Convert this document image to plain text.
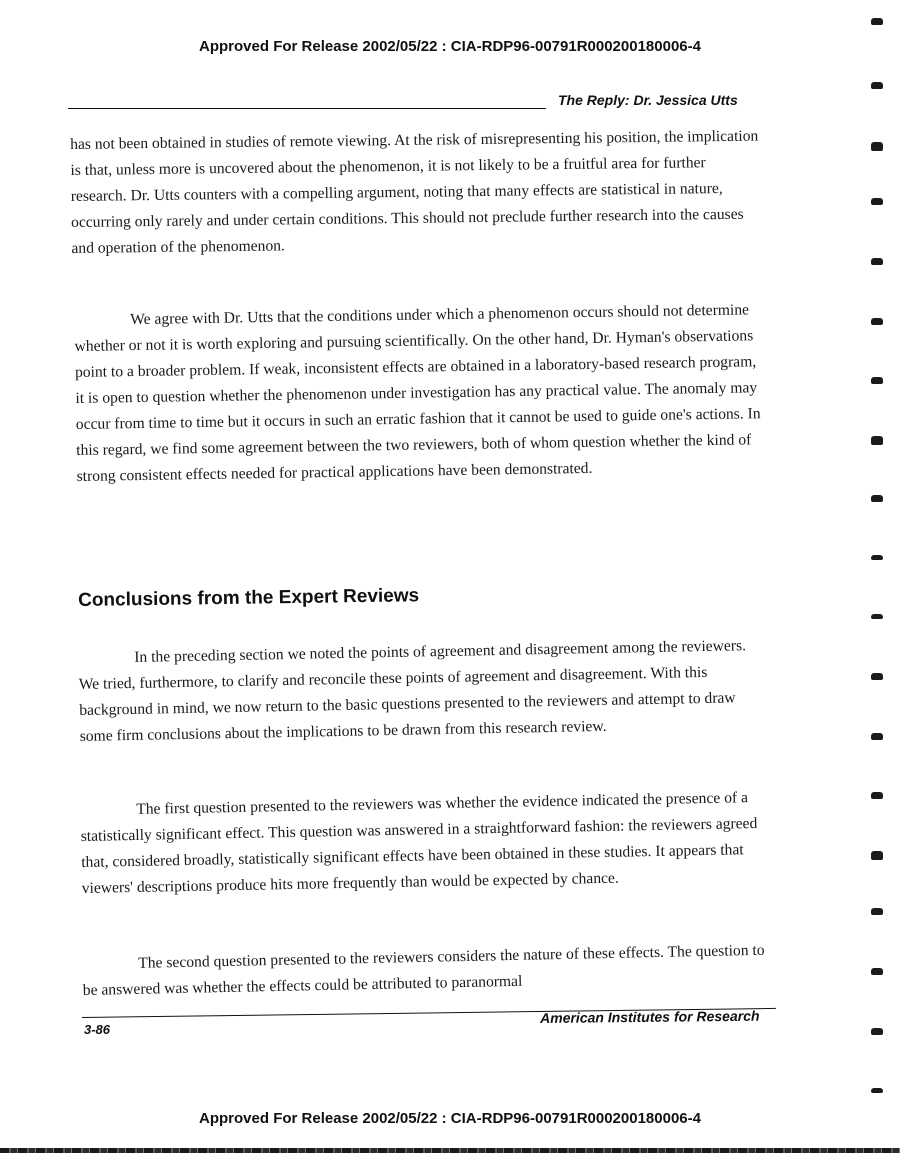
Approved For Release 2002/05/22 : CIA-RDP96-00791R000200180006-4
The Reply: Dr. Jessica Utts

has not been obtained in studies of remote viewing. At the risk of misrepresenting his position, the implication is that, unless more is uncovered about the phenomenon, it is not likely to be a fruitful area for further research. Dr. Utts counters with a compelling argument, noting that many effects are statistical in nature, occurring only rarely and under certain conditions. This should not preclude further research into the causes and operation of the phenomenon.

We agree with Dr. Utts that the conditions under which a phenomenon occurs should not determine whether or not it is worth exploring and pursuing scientifically. On the other hand, Dr. Hyman's observations point to a broader problem. If weak, inconsistent effects are obtained in a laboratory-based research program, it is open to question whether the phenomenon under investigation has any practical value. The anomaly may occur from time to time but it occurs in such an erratic fashion that it cannot be used to guide one's actions. In this regard, we find some agreement between the two reviewers, both of whom question whether the kind of strong consistent effects needed for practical applications have been demonstrated.

Conclusions from the Expert Reviews

In the preceding section we noted the points of agreement and disagreement among the reviewers. We tried, furthermore, to clarify and reconcile these points of agreement and disagreement. With this background in mind, we now return to the basic questions presented to the reviewers and attempt to draw some firm conclusions about the implications to be drawn from this research review.

The first question presented to the reviewers was whether the evidence indicated the presence of a statistically significant effect. This question was answered in a straightforward fashion: the reviewers agreed that, considered broadly, statistically significant effects have been obtained in these studies. It appears that viewers' descriptions produce hits more frequently than would be expected by chance.

The second question presented to the reviewers considers the nature of these effects. The question to be answered was whether the effects could be attributed to paranormal

3-86
American Institutes for Research
Approved For Release 2002/05/22 : CIA-RDP96-00791R000200180006-4
